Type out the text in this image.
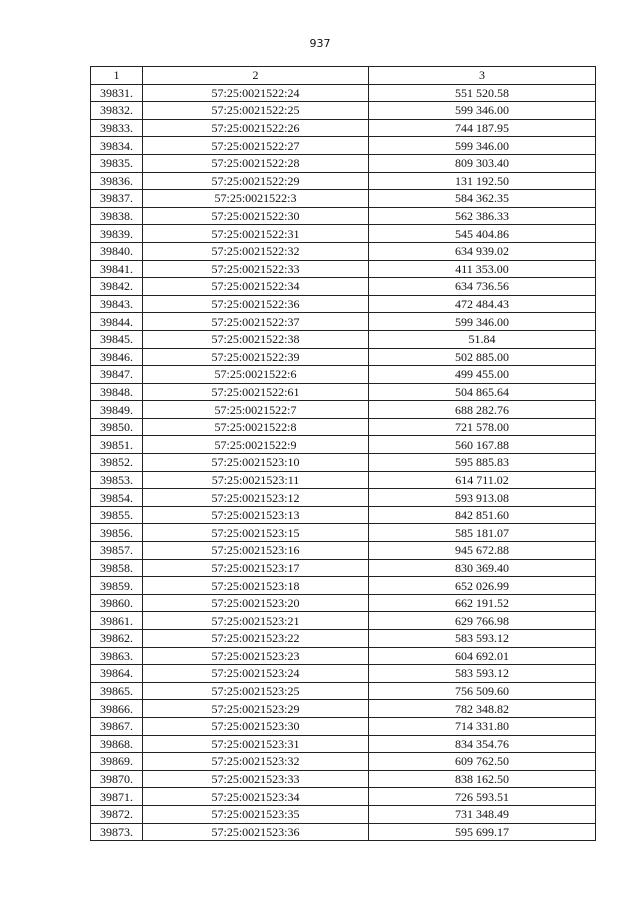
937
1	2	3
39831.	57:25:0021522:24	551 520.58
39832.	57:25:0021522:25	599 346.00
39833.	57:25:0021522:26	744 187.95
39834.	57:25:0021522:27	599 346.00
39835.	57:25:0021522:28	809 303.40
39836.	57:25:0021522:29	131 192.50
39837.	57:25:0021522:3	584 362.35
39838.	57:25:0021522:30	562 386.33
39839.	57:25:0021522:31	545 404.86
39840.	57:25:0021522:32	634 939.02
39841.	57:25:0021522:33	411 353.00
39842.	57:25:0021522:34	634 736.56
39843.	57:25:0021522:36	472 484.43
39844.	57:25:0021522:37	599 346.00
39845.	57:25:0021522:38	51.84
39846.	57:25:0021522:39	502 885.00
39847.	57:25:0021522:6	499 455.00
39848.	57:25:0021522:61	504 865.64
39849.	57:25:0021522:7	688 282.76
39850.	57:25:0021522:8	721 578.00
39851.	57:25:0021522:9	560 167.88
39852.	57:25:0021523:10	595 885.83
39853.	57:25:0021523:11	614 711.02
39854.	57:25:0021523:12	593 913.08
39855.	57:25:0021523:13	842 851.60
39856.	57:25:0021523:15	585 181.07
39857.	57:25:0021523:16	945 672.88
39858.	57:25:0021523:17	830 369.40
39859.	57:25:0021523:18	652 026.99
39860.	57:25:0021523:20	662 191.52
39861.	57:25:0021523:21	629 766.98
39862.	57:25:0021523:22	583 593.12
39863.	57:25:0021523:23	604 692.01
39864.	57:25:0021523:24	583 593.12
39865.	57:25:0021523:25	756 509.60
39866.	57:25:0021523:29	782 348.82
39867.	57:25:0021523:30	714 331.80
39868.	57:25:0021523:31	834 354.76
39869.	57:25:0021523:32	609 762.50
39870.	57:25:0021523:33	838 162.50
39871.	57:25:0021523:34	726 593.51
39872.	57:25:0021523:35	731 348.49
39873.	57:25:0021523:36	595 699.17
